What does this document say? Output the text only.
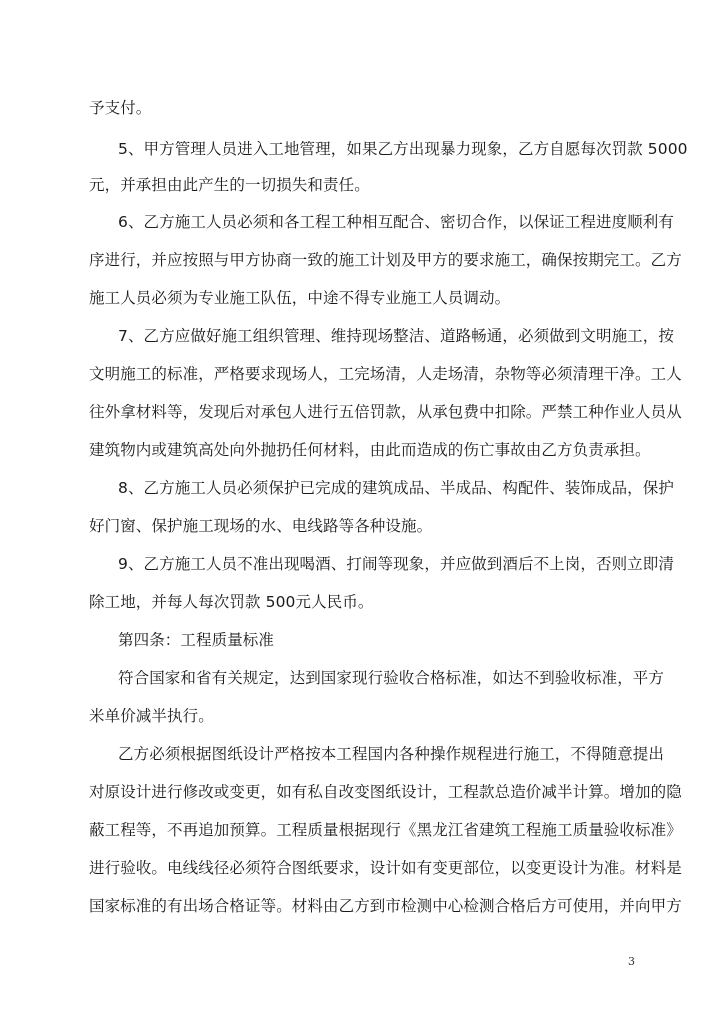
予支付。
5、甲方管理人员进入工地管理，如果乙方出现暴力现象，乙方自愿每次罚款 5000
元，并承担由此产生的一切损失和责任。
6、乙方施工人员必须和各工程工种相互配合、密切合作，以保证工程进度顺利有
序进行，并应按照与甲方协商一致的施工计划及甲方的要求施工，确保按期完工。乙方
施工人员必须为专业施工队伍，中途不得专业施工人员调动。
7、乙方应做好施工组织管理、维持现场整洁、道路畅通，必须做到文明施工，按
文明施工的标准，严格要求现场人，工完场清，人走场清，杂物等必须清理干净。工人
往外拿材料等，发现后对承包人进行五倍罚款，从承包费中扣除。严禁工种作业人员从
建筑物内或建筑高处向外抛扔任何材料，由此而造成的伤亡事故由乙方负责承担。
8、乙方施工人员必须保护已完成的建筑成品、半成品、构配件、装饰成品，保护
好门窗、保护施工现场的水、电线路等各种设施。
9、乙方施工人员不准出现喝酒、打闹等现象，并应做到酒后不上岗，否则立即清
除工地，并每人每次罚款 500元人民币。
第四条：工程质量标准
符合国家和省有关规定，达到国家现行验收合格标准，如达不到验收标准，平方
米单价减半执行。
乙方必须根据图纸设计严格按本工程国内各种操作规程进行施工，不得随意提出
对原设计进行修改或变更，如有私自改变图纸设计，工程款总造价减半计算。增加的隐
蔽工程等，不再追加预算。工程质量根据现行《黑龙江省建筑工程施工质量验收标准》
进行验收。电线线径必须符合图纸要求，设计如有变更部位，以变更设计为准。材料是
国家标准的有出场合格证等。材料由乙方到市检测中心检测合格后方可使用，并向甲方
3
